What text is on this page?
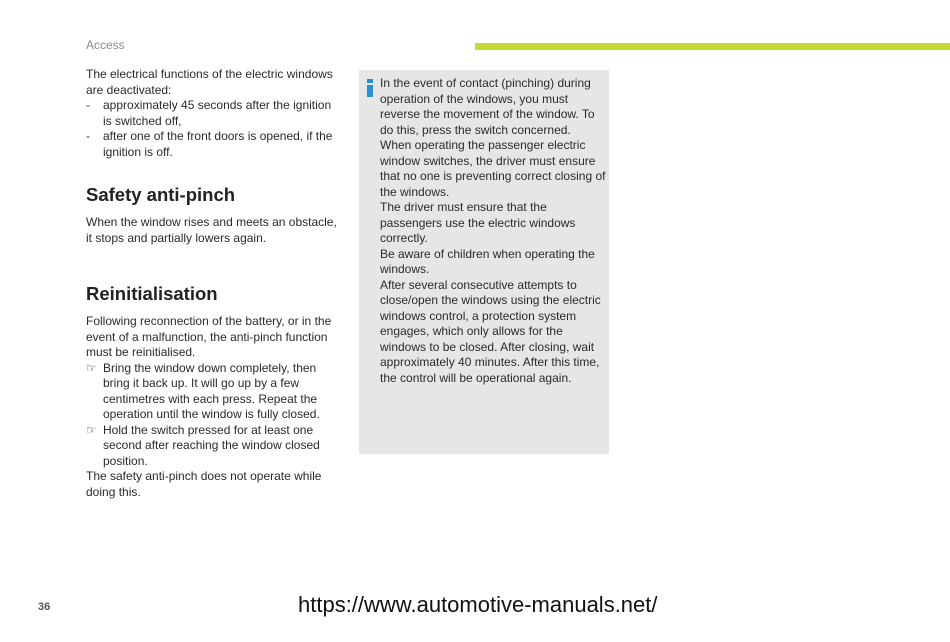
Access

The electrical functions of the electric windows are deactivated:

- approximately 45 seconds after the ignition is switched off,
- after one of the front doors is opened, if the ignition is off.
Safety anti-pinch

When the window rises and meets an obstacle, it stops and partially lowers again.

Reinitialisation

Following reconnection of the battery, or in the event of a malfunction, the anti-pinch function must be reinitialised.

☞ Bring the window down completely, then bring it back up. It will go up by a few centimetres with each press. Repeat the operation until the window is fully closed.
☞ Hold the switch pressed for at least one second after reaching the window closed position.

The safety anti-pinch does not operate while doing this.

In the event of contact (pinching) during operation of the windows, you must reverse the movement of the window. To do this, press the switch concerned.

When operating the passenger electric window switches, the driver must ensure that no one is preventing correct closing of the windows.

The driver must ensure that the passengers use the electric windows correctly.

Be aware of children when operating the windows.

After several consecutive attempts to close/open the windows using the electric windows control, a protection system engages, which only allows for the windows to be closed. After closing, wait approximately 40 minutes. After this time, the control will be operational again.

36	https://www.automotive-manuals.net/
